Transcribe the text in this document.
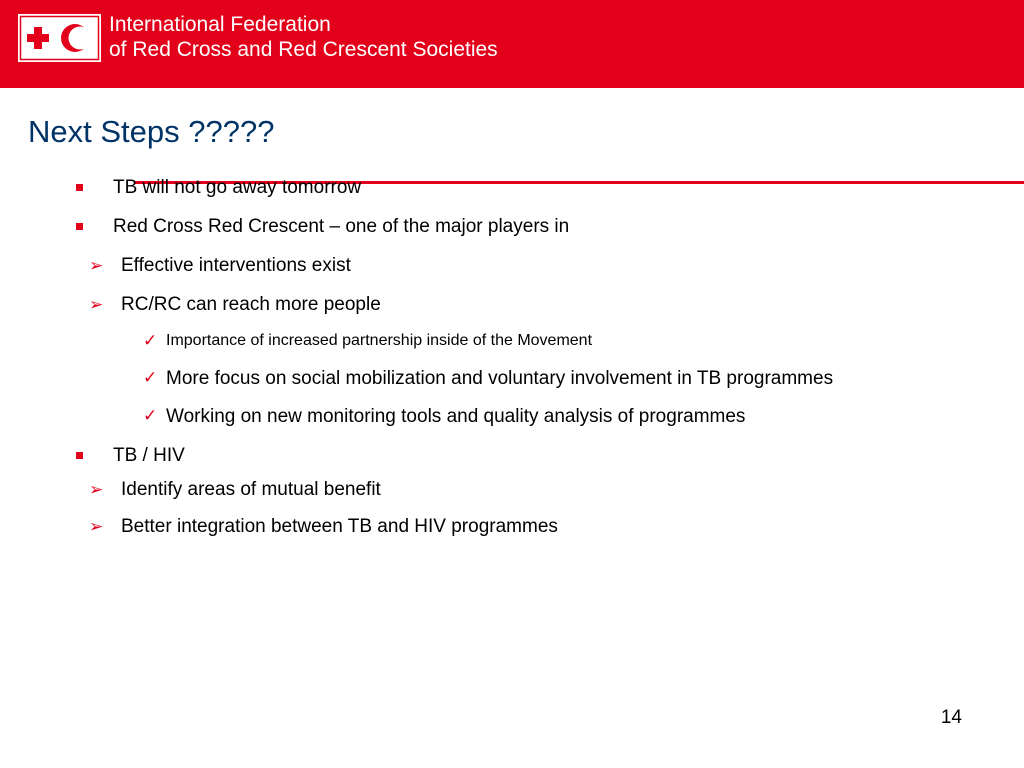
International Federation
of Red Cross and Red Crescent Societies
Next Steps ?????
TB will not go away tomorrow
Red Cross Red Crescent – one of the major players in
➢ Effective interventions exist
➢ RC/RC can reach more people
✓ Importance of increased partnership inside of the Movement
✓ More focus on social mobilization and voluntary involvement in TB programmes
✓ Working on new monitoring tools and quality analysis of programmes
TB / HIV
➢ Identify areas of mutual benefit
➢ Better integration between TB and HIV programmes
14
